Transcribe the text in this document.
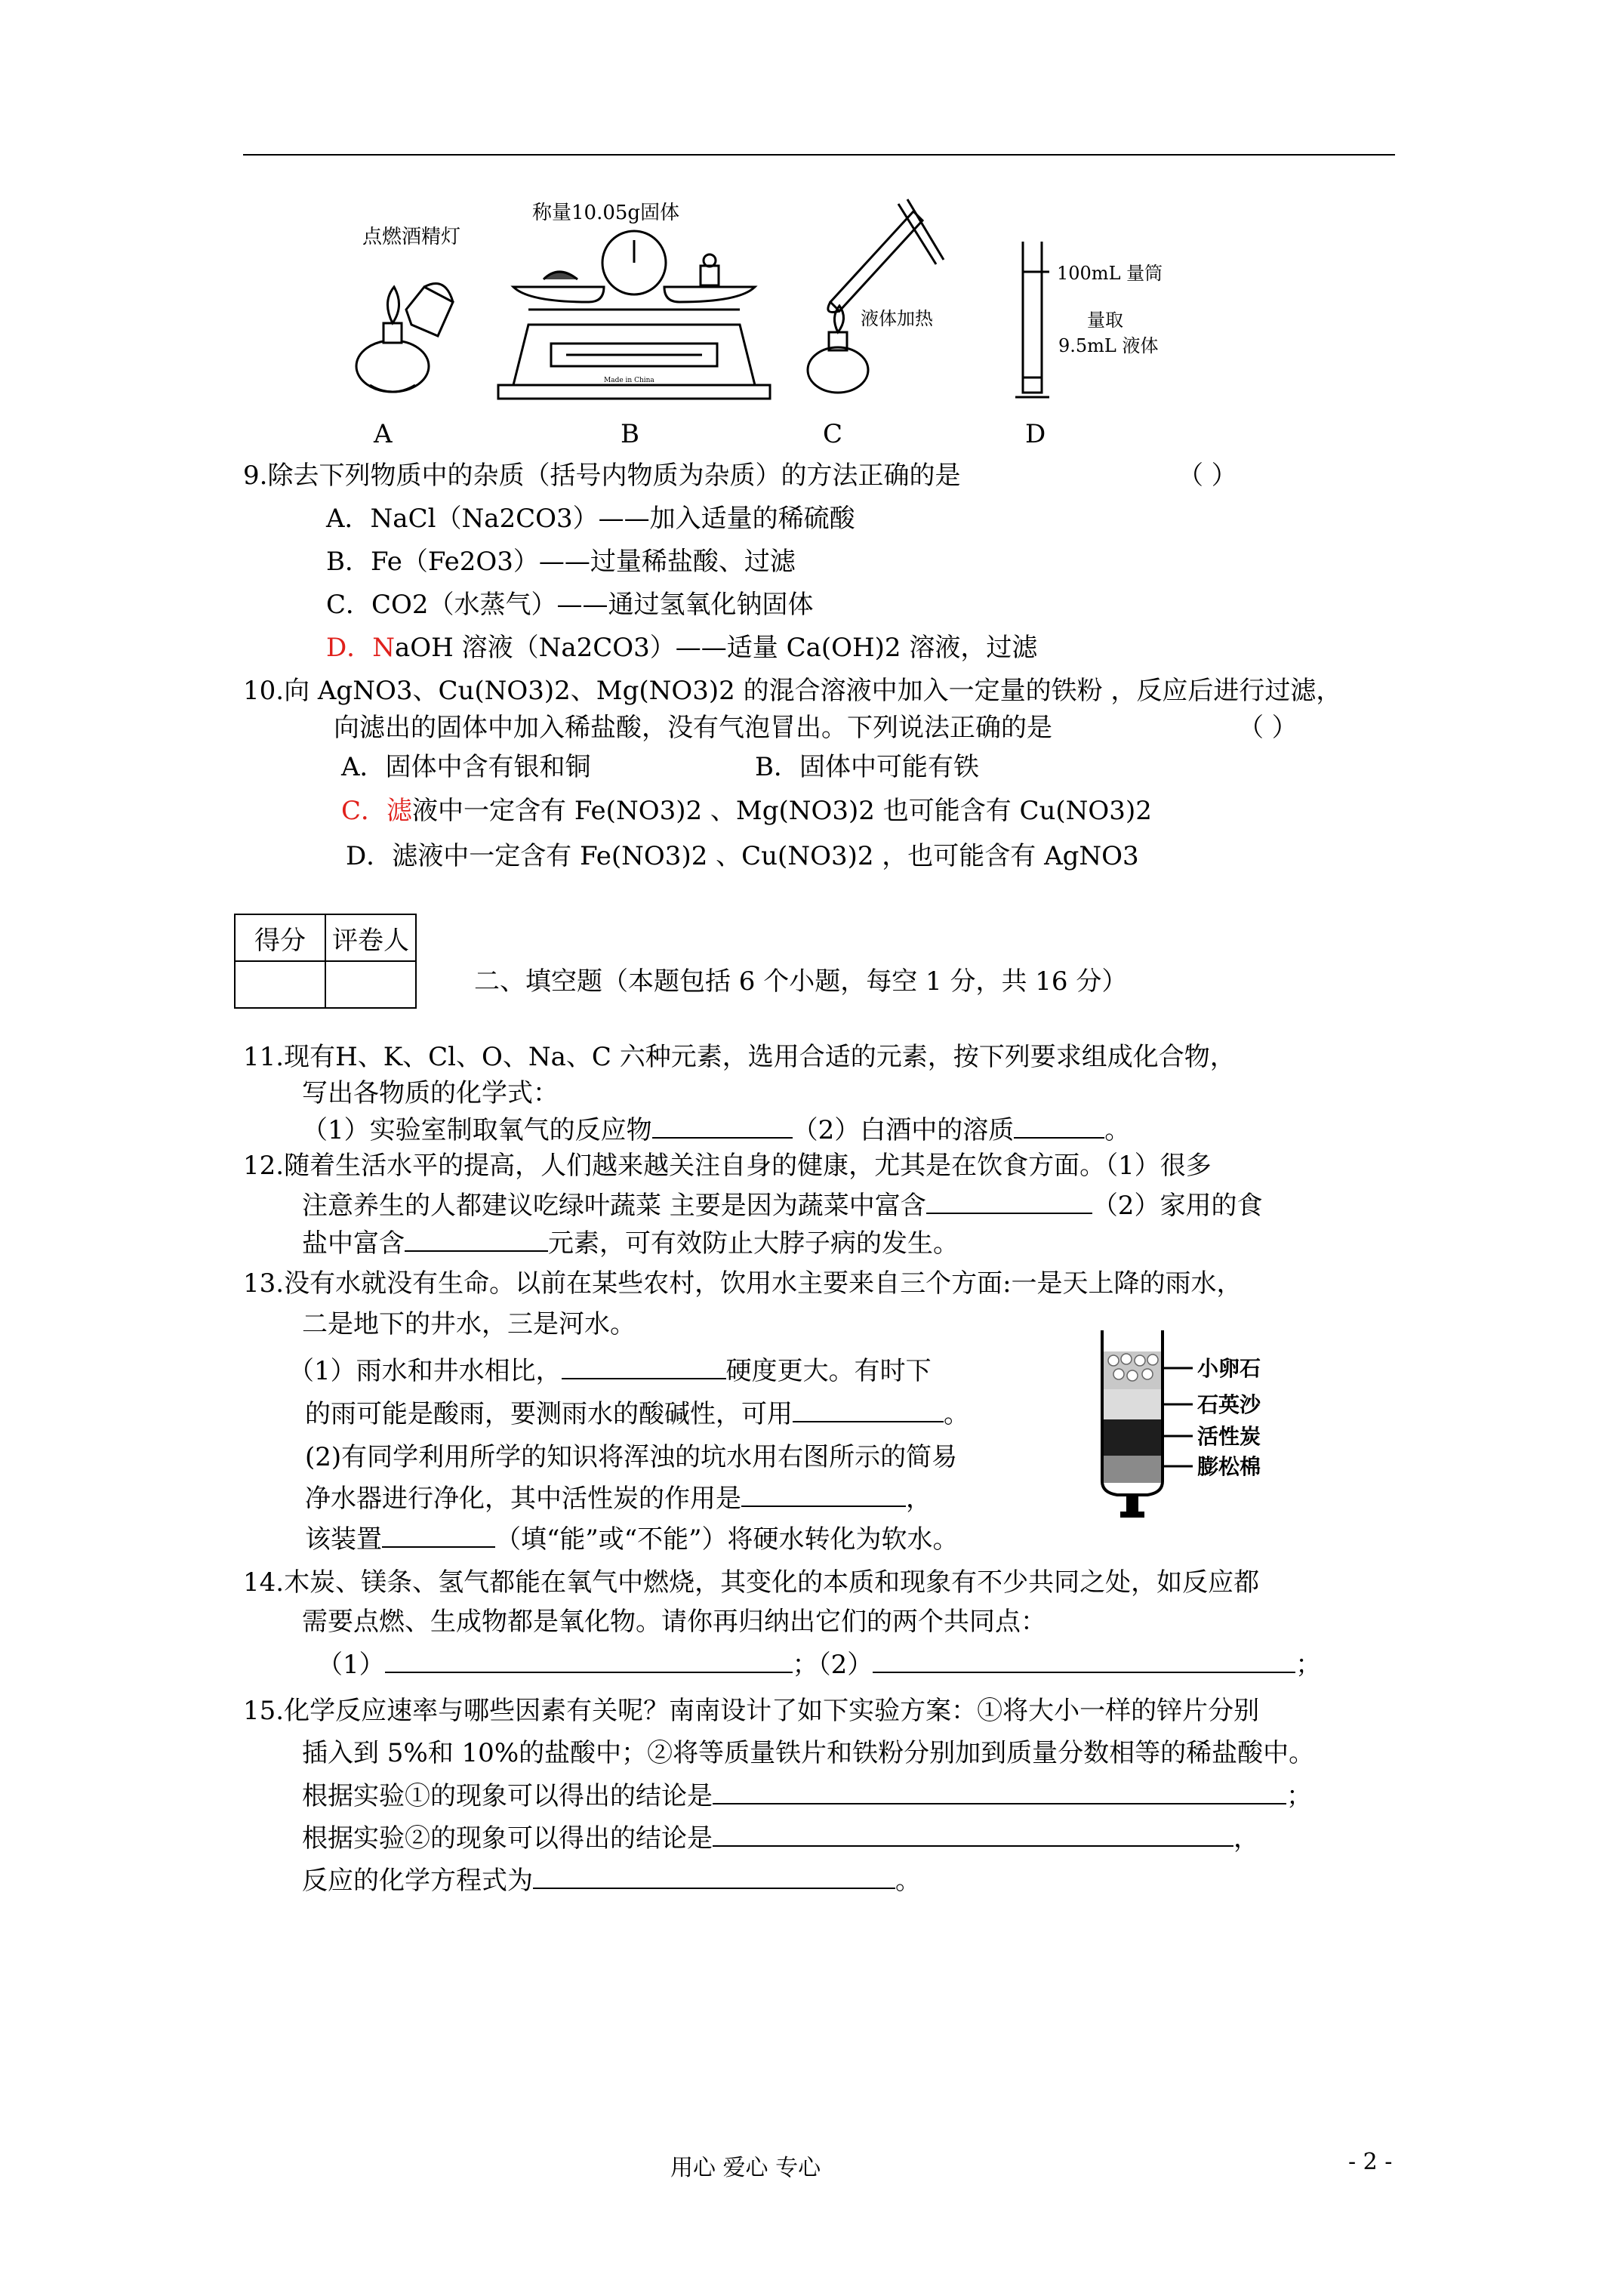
点燃酒精灯
称量10.05g固体
Made in China
液体加热
100mL 量筒
量取
9.5mL 液体
A	B	C	D
9.除去下列物质中的杂质（括号内物质为杂质）的方法正确的是	（ ）
A．NaCl（Na2CO3）——加入适量的稀硫酸
B．Fe（Fe2O3）——过量稀盐酸、过滤
C．CO2（水蒸气）——通过氢氧化钠固体
D．NaOH 溶液（Na2CO3）——适量 Ca(OH)2 溶液，过滤
10.向 AgNO3、Cu(NO3)2、Mg(NO3)2 的混合溶液中加入一定量的铁粉 ，反应后进行过滤，
向滤出的固体中加入稀盐酸，没有气泡冒出。下列说法正确的是	（ ）
A．固体中含有银和铜	B．固体中可能有铁
C．滤液中一定含有 Fe(NO3)2 、Mg(NO3)2 也可能含有 Cu(NO3)2
D．滤液中一定含有 Fe(NO3)2 、Cu(NO3)2 ，也可能含有 AgNO3
得分	评卷人

二、填空题（本题包括 6 个小题，每空 1 分，共 16 分）
11.现有H、K、Cl、O、Na、C 六种元素，选用合适的元素，按下列要求组成化合物，
写出各物质的化学式：
（1）实验室制取氧气的反应物	（2）白酒中的溶质	。
12.随着生活水平的提高，人们越来越关注自身的健康，尤其是在饮食方面。（1）很多
注意养生的人都建议吃绿叶蔬菜 主要是因为蔬菜中富含	（2）家用的食
盐中富含	元素，可有效防止大脖子病的发生。
13.没有水就没有生命。以前在某些农村，饮用水主要来自三个方面:一是天上降的雨水，
二是地下的井水，三是河水。
（1）雨水和井水相比，	硬度更大。有时下
的雨可能是酸雨，要测雨水的酸碱性，可用	。
(2)有同学利用所学的知识将浑浊的坑水用右图所示的简易
净水器进行净化，其中活性炭的作用是	，
该装置	（填“能”或“不能”）将硬水转化为软水。
小卵石
石英沙
活性炭
膨松棉
14.木炭、镁条、氢气都能在氧气中燃烧，其变化的本质和现象有不少共同之处，如反应都
需要点燃、生成物都是氧化物。请你再归纳出它们的两个共同点：
（1）	；（2）	；
15.化学反应速率与哪些因素有关呢？南南设计了如下实验方案：①将大小一样的锌片分别
插入到 5%和 10%的盐酸中；②将等质量铁片和铁粉分别加到质量分数相等的稀盐酸中。
根据实验①的现象可以得出的结论是	；
根据实验②的现象可以得出的结论是	，
反应的化学方程式为	。
用心 爱心 专心	- 2 -
